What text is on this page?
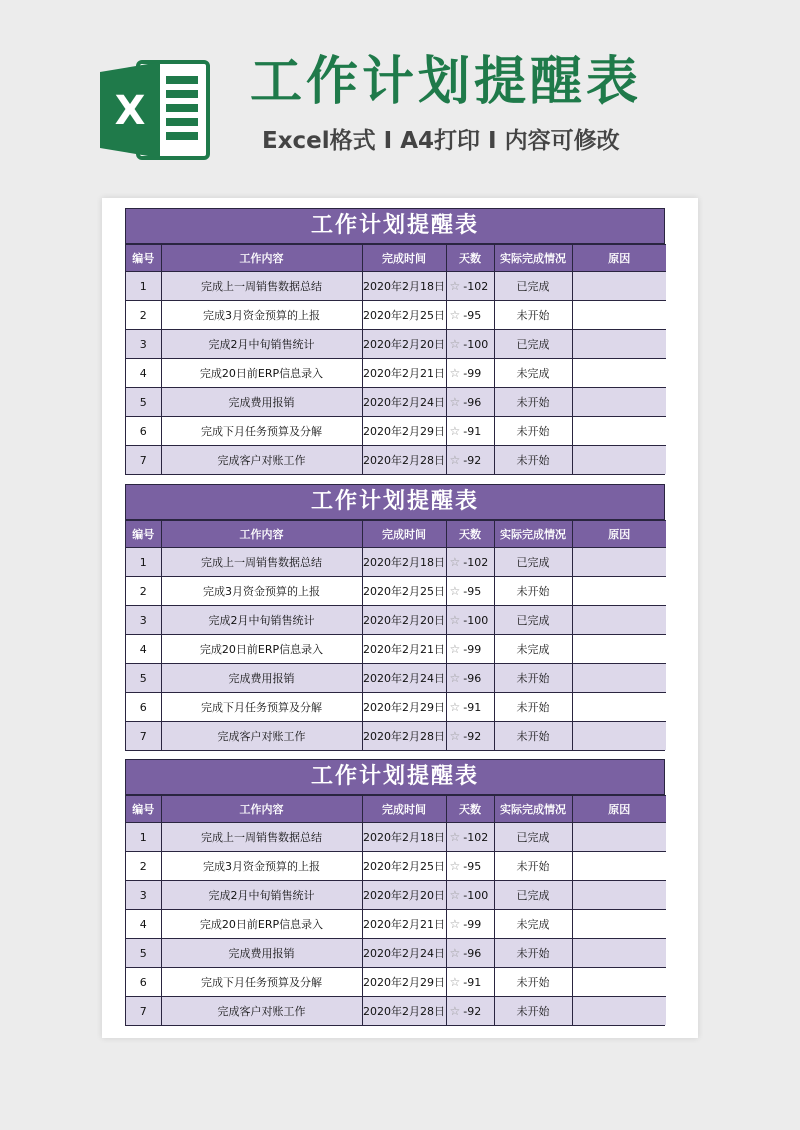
X 工作计划提醒表
Excel格式 I A4打印 I 内容可修改
工作计划提醒表
编号	工作内容	完成时间	天数	实际完成情况	原因
1	完成上一周销售数据总结	2020年2月18日	☆ -102	已完成	
2	完成3月资金预算的上报	2020年2月25日	☆ -95	未开始	
3	完成2月中旬销售统计	2020年2月20日	☆ -100	已完成	
4	完成20日前ERP信息录入	2020年2月21日	☆ -99	未完成	
5	完成费用报销	2020年2月24日	☆ -96	未开始	
6	完成下月任务预算及分解	2020年2月29日	☆ -91	未开始	
7	完成客户对账工作	2020年2月28日	☆ -92	未开始	
工作计划提醒表
编号	工作内容	完成时间	天数	实际完成情况	原因
1	完成上一周销售数据总结	2020年2月18日	☆ -102	已完成	
2	完成3月资金预算的上报	2020年2月25日	☆ -95	未开始	
3	完成2月中旬销售统计	2020年2月20日	☆ -100	已完成	
4	完成20日前ERP信息录入	2020年2月21日	☆ -99	未完成	
5	完成费用报销	2020年2月24日	☆ -96	未开始	
6	完成下月任务预算及分解	2020年2月29日	☆ -91	未开始	
7	完成客户对账工作	2020年2月28日	☆ -92	未开始	
工作计划提醒表
编号	工作内容	完成时间	天数	实际完成情况	原因
1	完成上一周销售数据总结	2020年2月18日	☆ -102	已完成	
2	完成3月资金预算的上报	2020年2月25日	☆ -95	未开始	
3	完成2月中旬销售统计	2020年2月20日	☆ -100	已完成	
4	完成20日前ERP信息录入	2020年2月21日	☆ -99	未完成	
5	完成费用报销	2020年2月24日	☆ -96	未开始	
6	完成下月任务预算及分解	2020年2月29日	☆ -91	未开始	
7	完成客户对账工作	2020年2月28日	☆ -92	未开始	
